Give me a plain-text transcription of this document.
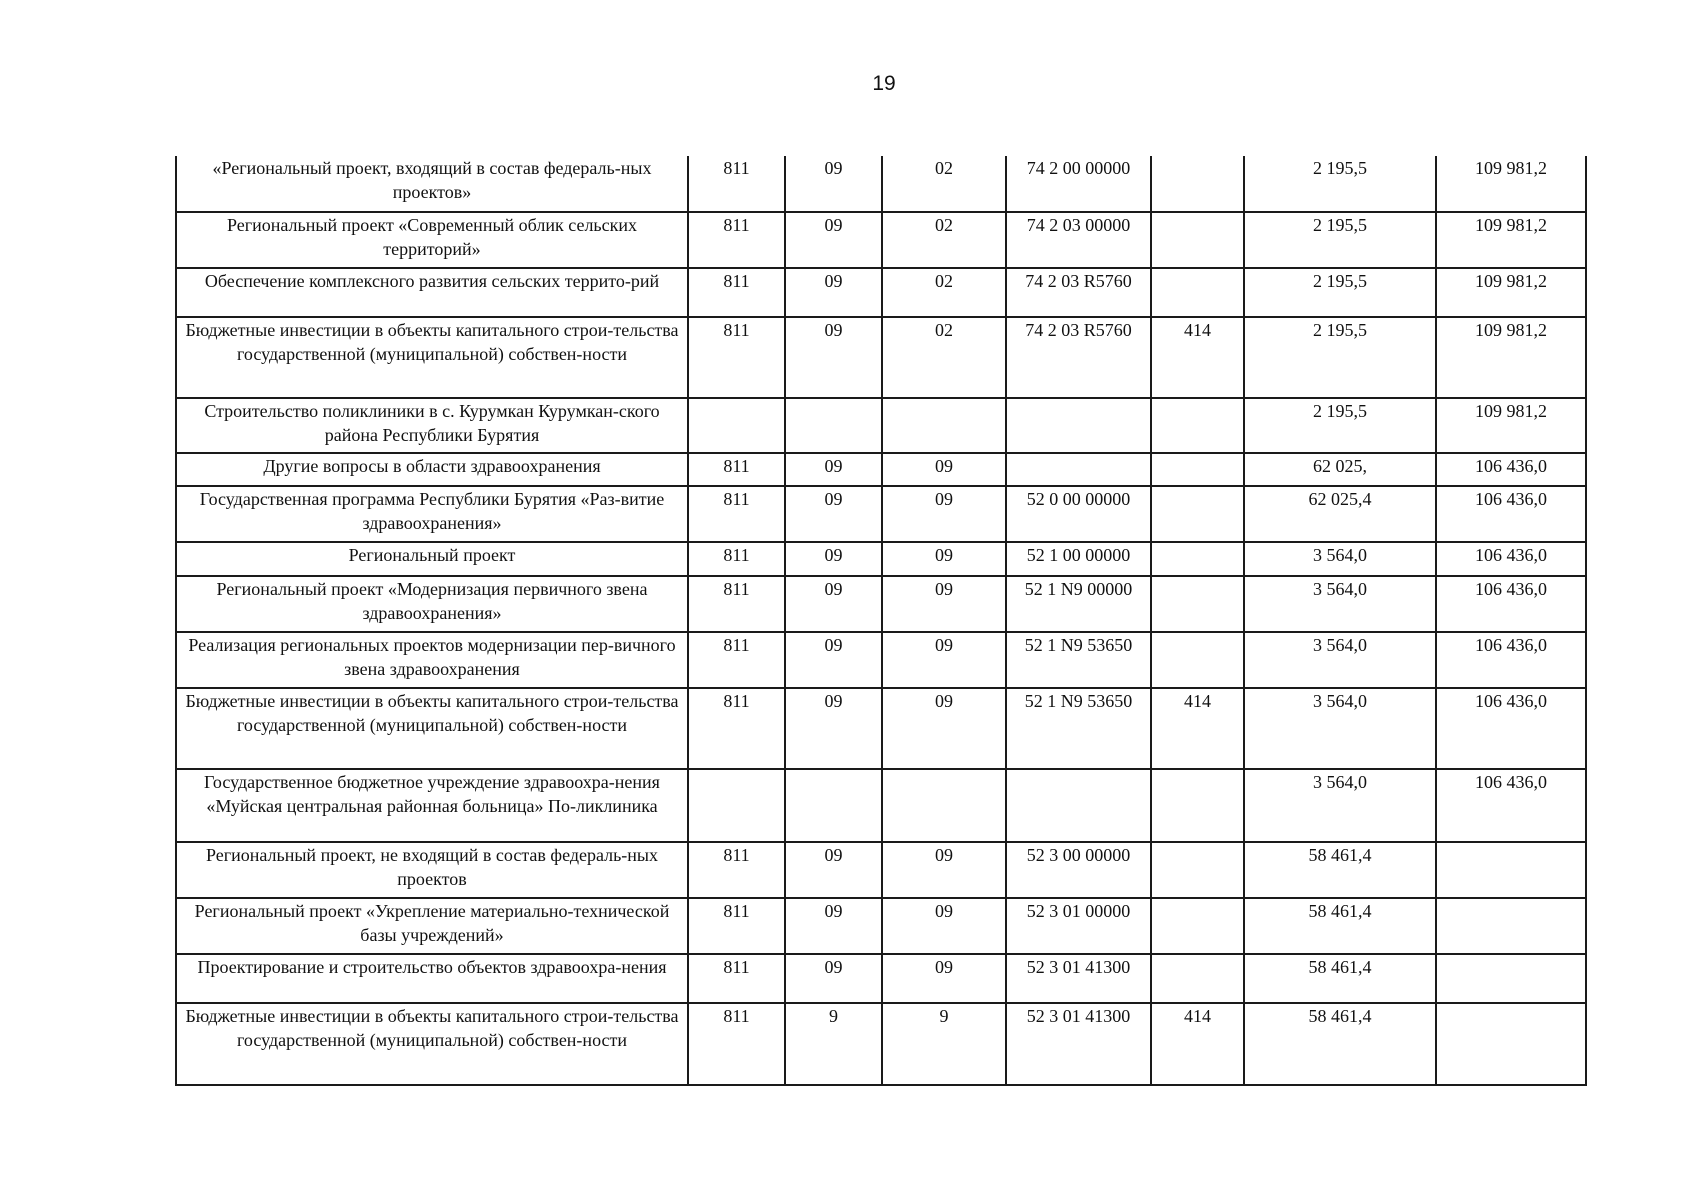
19
«Региональный проект, входящий в состав федераль-ных проектов»	811	09	02	74 2 00 00000		2 195,5	109 981,2
Региональный проект «Современный облик сельских территорий»	811	09	02	74 2 03 00000		2 195,5	109 981,2
Обеспечение комплексного развития сельских террито-рий	811	09	02	74 2 03 R5760		2 195,5	109 981,2
Бюджетные инвестиции в объекты капитального строи-тельства государственной (муниципальной) собствен-ности	811	09	02	74 2 03 R5760	414	2 195,5	109 981,2
Строительство поликлиники в с. Курумкан Курумкан-ского района Республики Бурятия						2 195,5	109 981,2
Другие вопросы в области здравоохранения	811	09	09			62 025,	106 436,0
Государственная программа Республики Бурятия «Раз-витие здравоохранения»	811	09	09	52 0 00 00000		62 025,4	106 436,0
Региональный проект	811	09	09	52 1 00 00000		3 564,0	106 436,0
Региональный проект «Модернизация первичного звена здравоохранения»	811	09	09	52 1 N9 00000		3 564,0	106 436,0
Реализация региональных проектов модернизации пер-вичного звена здравоохранения	811	09	09	52 1 N9 53650		3 564,0	106 436,0
Бюджетные инвестиции в объекты капитального строи-тельства государственной (муниципальной) собствен-ности	811	09	09	52 1 N9 53650	414	3 564,0	106 436,0
Государственное бюджетное учреждение здравоохра-нения «Муйская центральная районная больница» По-ликлиника						3 564,0	106 436,0
Региональный проект, не входящий в состав федераль-ных проектов	811	09	09	52 3 00 00000		58 461,4	
Региональный проект «Укрепление материально-технической базы учреждений»	811	09	09	52 3 01 00000		58 461,4	
Проектирование и строительство объектов здравоохра-нения	811	09	09	52 3 01 41300		58 461,4	
Бюджетные инвестиции в объекты капитального строи-тельства государственной (муниципальной) собствен-ности	811	9	9	52 3 01 41300	414	58 461,4	
